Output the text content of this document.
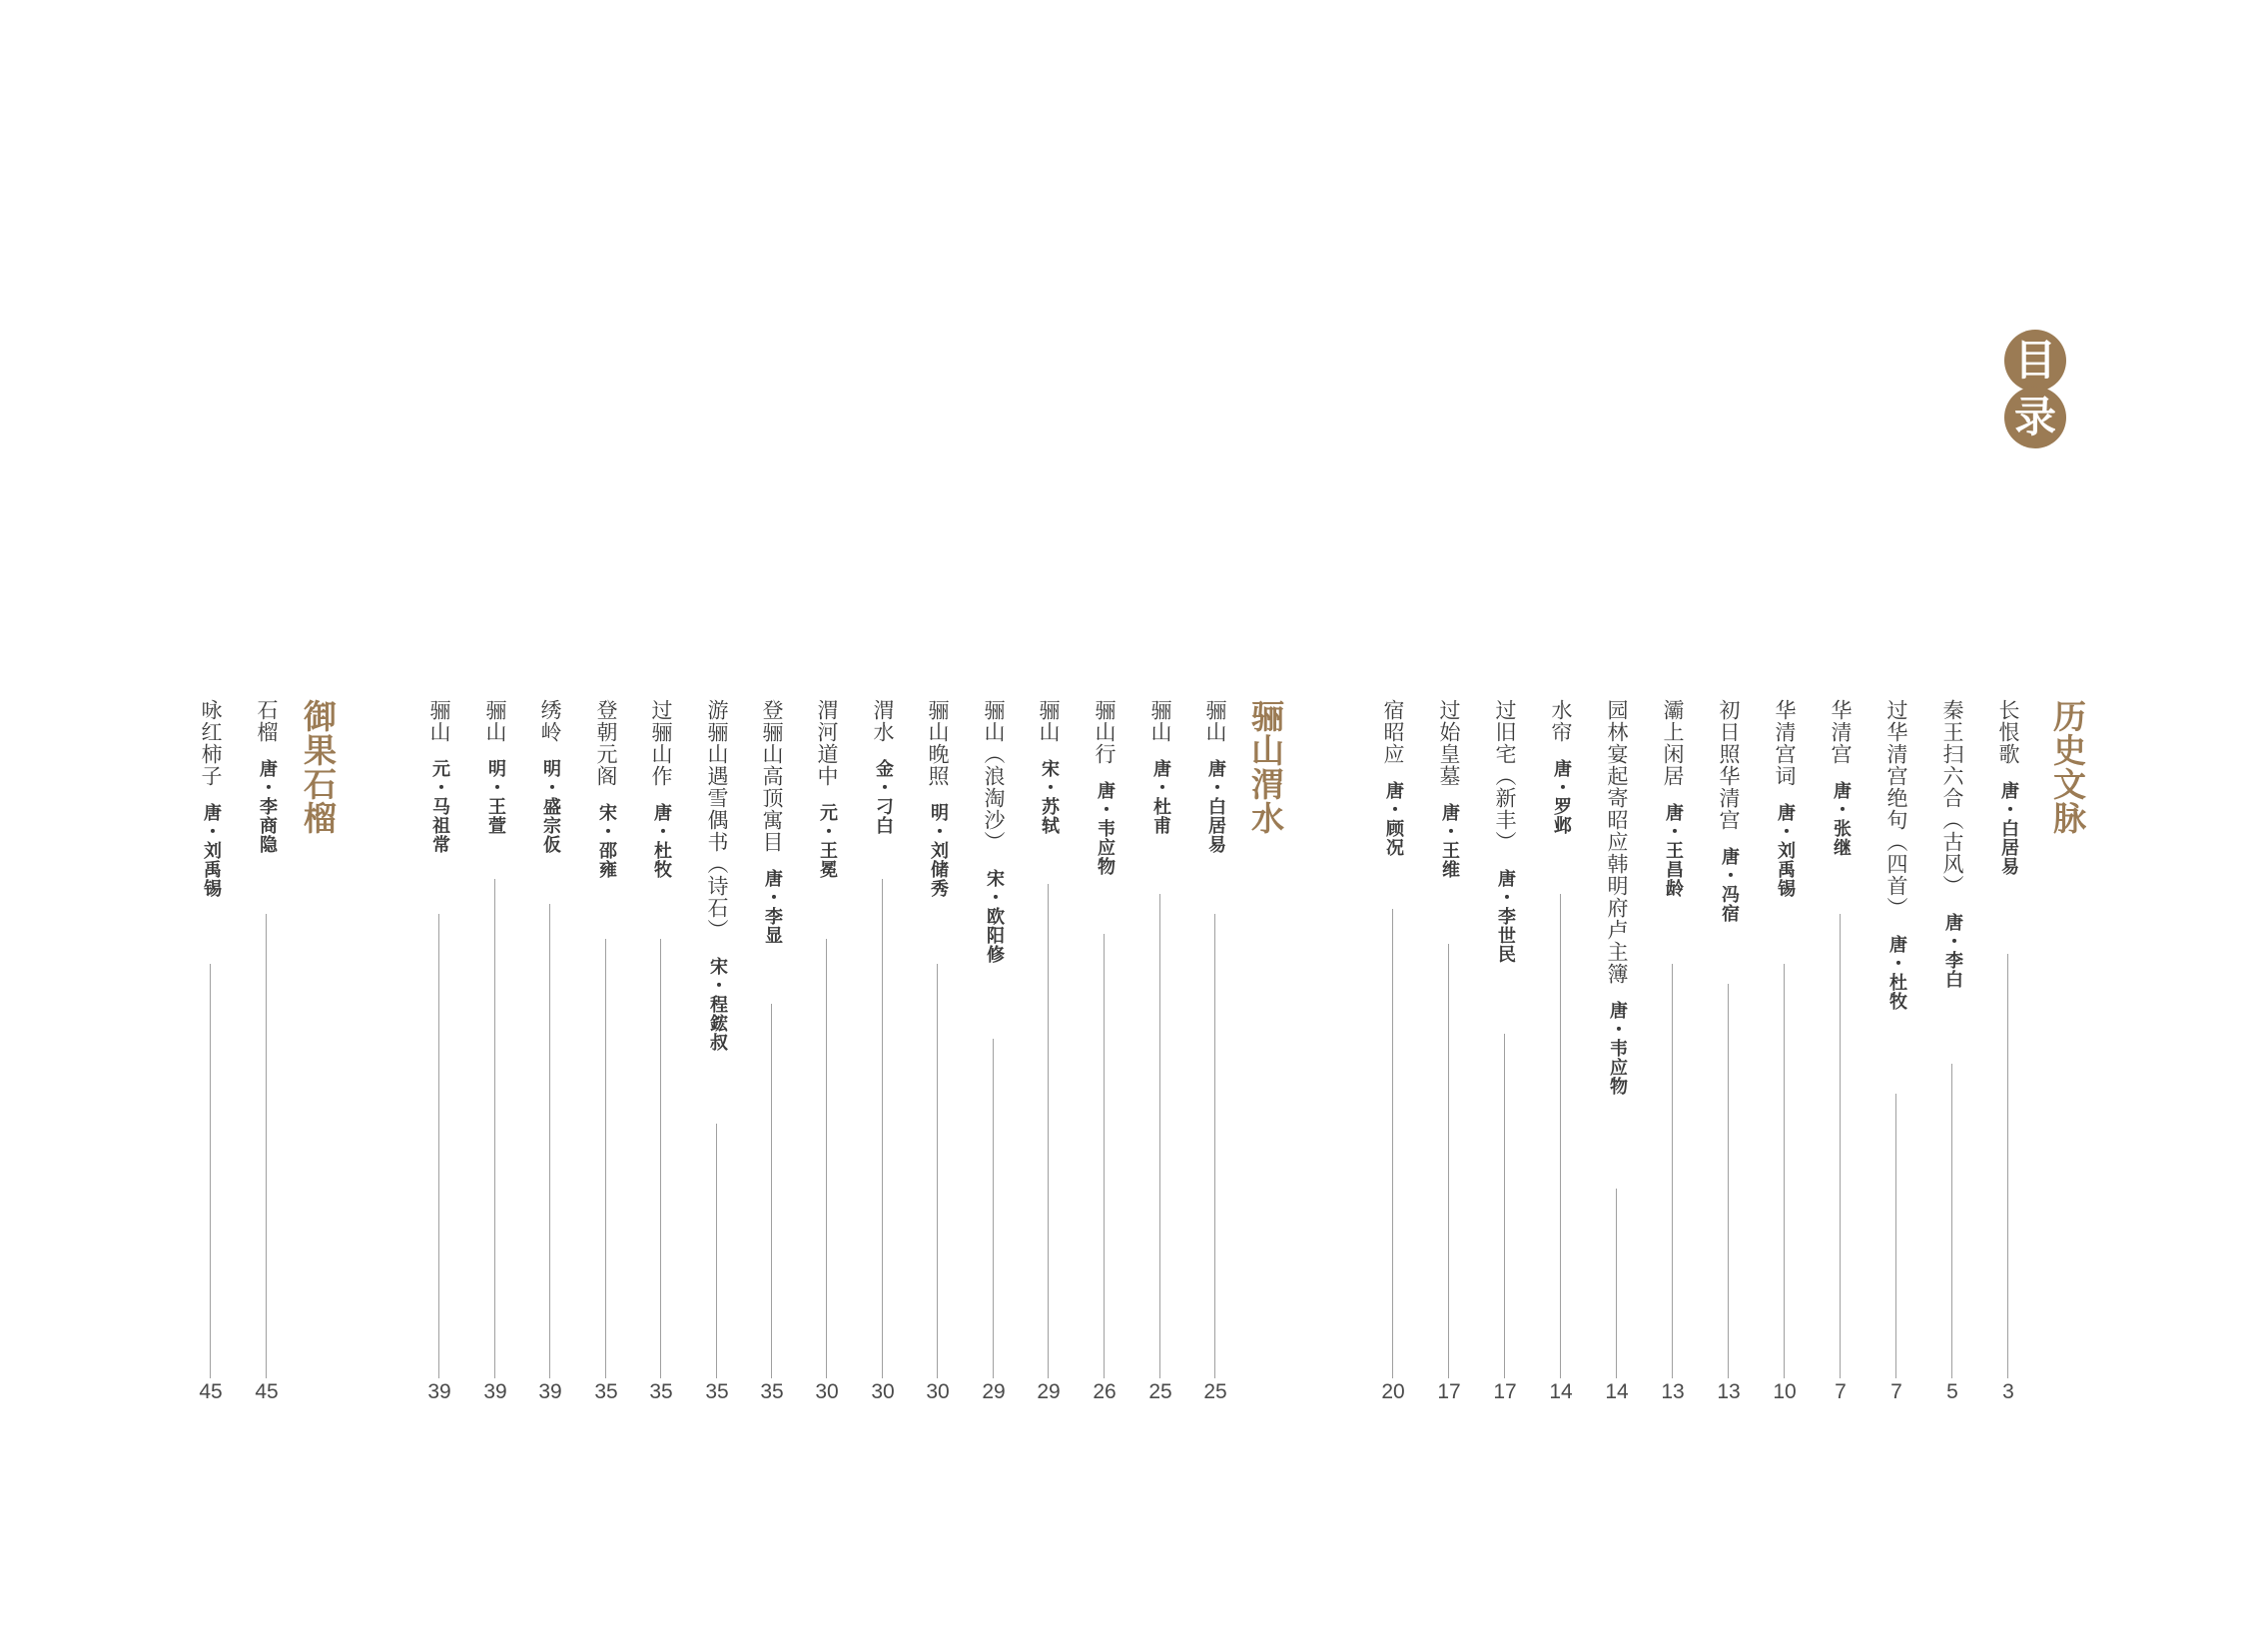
目
录
历史文脉
长恨歌唐・白居易
3
秦王扫六合（古风）唐・李白
5
过华清宫绝句（四首）唐・杜牧
7
华清宫唐・张继
7
华清宫词唐・刘禹锡
10
初日照华清宫唐・冯宿
13
灞上闲居唐・王昌龄
13
园林宴起寄昭应韩明府卢主簿唐・韦应物
14
水帘唐・罗邺
14
过旧宅（新丰）唐・李世民
17
过始皇墓唐・王维
17
宿昭应唐・顾况
20
骊山渭水
骊山唐・白居易
25
骊山唐・杜甫
25
骊山行唐・韦应物
26
骊山宋・苏轼
29
骊山（浪淘沙）宋・欧阳修
29
骊山晚照明・刘储秀
30
渭水金・刁白
30
渭河道中元・王冕
30
登骊山高顶寓目唐・李显
35
游骊山遇雪偶书（诗石）宋・程鋐叔
35
过骊山作唐・杜牧
35
登朝元阁宋・邵雍
35
绣岭明・盛宗仮
39
骊山明・王萱
39
骊山元・马祖常
39
御果石榴
石榴唐・李商隐
45
咏红柿子唐・刘禹锡
45
